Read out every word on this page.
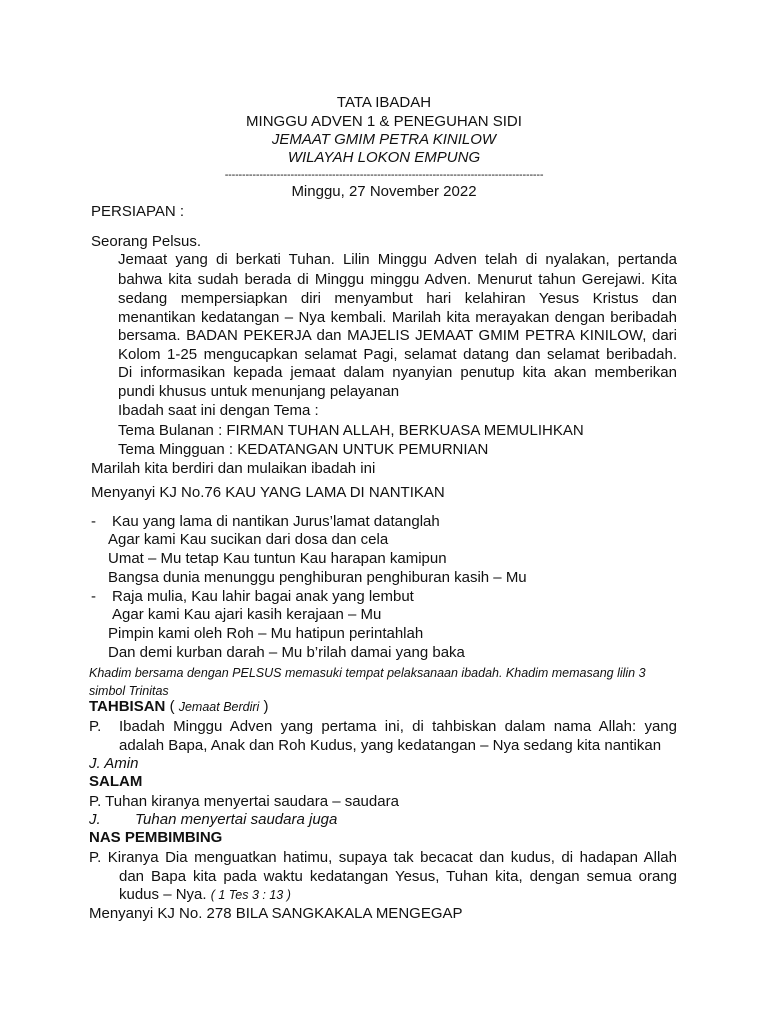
TATA IBADAH
MINGGU ADVEN 1 & PENEGUHAN SIDI
JEMAAT GMIM PETRA KINILOW
WILAYAH LOKON EMPUNG
--------------------------------------------------------------------------------------------
Minggu, 27 November 2022
PERSIAPAN :
Seorang Pelsus.
Jemaat yang di berkati Tuhan. Lilin Minggu Adven telah di nyalakan, pertanda
bahwa kita sudah berada di Minggu minggu Adven. Menurut tahun Gerejawi. Kita
sedang mempersiapkan diri menyambut hari kelahiran Yesus Kristus dan
menantikan kedatangan – Nya kembali. Marilah kita merayakan dengan beribadah
bersama. BADAN PEKERJA dan MAJELIS JEMAAT GMIM PETRA KINILOW, dari
Kolom 1-25 mengucapkan selamat Pagi, selamat datang dan selamat beribadah.
Di informasikan kepada jemaat dalam nyanyian penutup kita akan memberikan
pundi khusus untuk menunjang pelayanan
Ibadah saat ini dengan Tema :
Tema Bulanan : FIRMAN TUHAN ALLAH, BERKUASA MEMULIHKAN
Tema Mingguan : KEDATANGAN UNTUK PEMURNIAN
Marilah kita berdiri dan mulaikan ibadah ini
Menyanyi KJ No.76 KAU YANG LAMA DI NANTIKAN
- Kau yang lama di nantikan Jurus’lamat datanglah
Agar kami Kau sucikan dari dosa dan cela
Umat – Mu tetap Kau tuntun Kau harapan kamipun
Bangsa dunia menunggu penghiburan penghiburan kasih – Mu
- Raja mulia, Kau lahir bagai anak yang lembut
Agar kami Kau ajari kasih kerajaan – Mu
Pimpin kami oleh Roh – Mu hatipun perintahlah
Dan demi kurban darah – Mu b’rilah damai yang baka
Khadim bersama dengan PELSUS memasuki tempat pelaksanaan ibadah. Khadim memasang lilin 3
simbol Trinitas
TAHBISAN ( Jemaat Berdiri )
P. Ibadah Minggu Adven yang pertama ini, di tahbiskan dalam nama Allah: yang
adalah Bapa, Anak dan Roh Kudus, yang kedatangan – Nya sedang kita nantikan
J. Amin
SALAM
P. Tuhan kiranya menyertai saudara – saudara
J. Tuhan menyertai saudara juga
NAS PEMBIMBING
P. Kiranya Dia menguatkan hatimu, supaya tak becacat dan kudus, di hadapan Allah
dan Bapa kita pada waktu kedatangan Yesus, Tuhan kita, dengan semua orang
kudus – Nya. ( 1 Tes 3 : 13 )
Menyanyi KJ No. 278 BILA SANGKAKALA MENGEGAP
